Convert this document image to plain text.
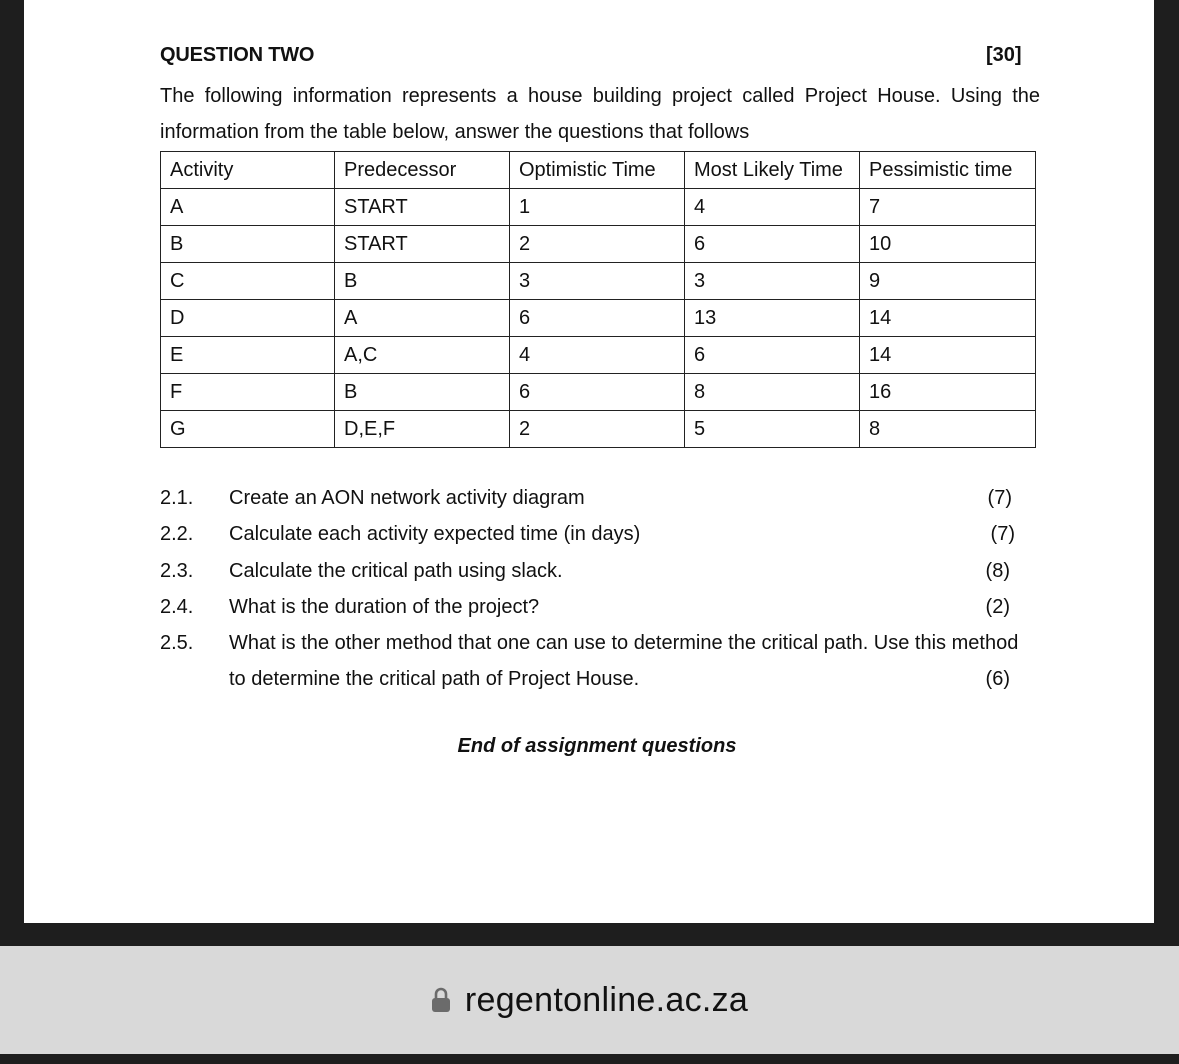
QUESTION TWO	[30]
The following information represents a house building project called Project House. Using the information from the table below, answer the questions that follows
Activity	Predecessor	Optimistic Time	Most Likely Time	Pessimistic time
A	START	1	4	7
B	START	2	6	10
C	B	3	3	9
D	A	6	13	14
E	A,C	4	6	14
F	B	6	8	16
G	D,E,F	2	5	8
2.1. Create an AON network activity diagram	(7)
2.2. Calculate each activity expected time (in days)	(7)
2.3. Calculate the critical path using slack.	(8)
2.4. What is the duration of the project?	(2)
2.5. What is the other method that one can use to determine the critical path. Use this method
to determine the critical path of Project House.	(6)
End of assignment questions
regentonline.ac.za
